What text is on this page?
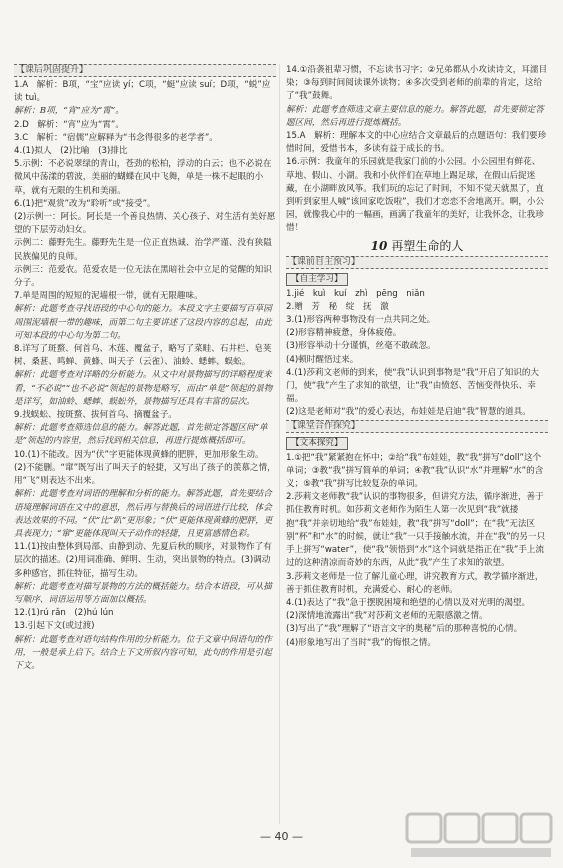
【课后巩固提升】

1.A　解析：B项，“宝”应读 yí；C项，“蜓”应读 suí；D项，“蜕”应读 tuì。

解析：B项，“宵”应为“霄”。

2.D　解析：“宵”应为“霄”。

3.C　解析：“宿儒”应解释为“书念得很多的老学者”。

4.(1)拟人　(2)比喻　(3)排比

5.示例：不必说翠绿的青山，苍劲的松柏，浮动的白云；也不必说在微风中荡漾的碧波，美丽的蝴蝶在风中飞舞，单是一株不起眼的小草，就有无限的生机和美丽。

6.(1)把“观赏”改为“聆听”或“接受”。

(2)示例一：阿长。阿长是一个善良热情、关心孩子、对生活有美好愿望的下层劳动妇女。

示例二：藤野先生。藤野先生是一位正直热诚、治学严谨、没有狭隘民族偏见的良师。

示例三：范爱农。范爱农是一位无法在黑暗社会中立足的觉醒的知识分子。

7.单是周围的短短的泥墙根一带，就有无限趣味。

解析：此题考查寻找语段的中心句的能力。本段文字主要描写百草园周围泥墙根一带的趣味，而第二句主要讲述了这段内容的总起，由此可知本段的中心句为第二句。

8.详写了斑蝥、何首乌、木莲、覆盆子，略写了菜畦、石井栏、皂荚树、桑葚、鸣蝉、黄蜂、叫天子（云雀）、油蛉、蟋蟀、蜈蚣。

解析：此题考查对详略的分析能力。从文中对景物描写的详略程度来看，“不必说”“也不必说”领起的景物是略写，而由“单是”领起的景物是详写，如油蛉、蟋蟀、蜈蚣外，景物描写还具有丰富的层次。

9.找蜈蚣、按斑蝥、拔何首乌、摘覆盆子。

解析：此题考查筛选信息的能力。解答此题，首先锁定答题区间“单是”领起的内容里，然后找到相关信息，再进行提炼概括即可。

10.(1)不能改。因为“伏”字更能体现黄蜂的肥胖，更加形象生动。

(2)不能删。“窜”既写出了叫天子的轻捷，又写出了孩子的羡慕之情，用“飞”则表达不出来。

解析：此题考查对词语的理解和分析的能力。解答此题，首先要结合语境理解词语在文中的意思，然后再与替换后的词语进行比较，体会表达效果的不同。“伏”比“趴”更形象；“伏”更能体现黄蜂的肥胖，更具表现力；“窜”更能体现叫天子动作的轻捷，且更富感情色彩。

11.(1)按由整体到局部、由静到动、先夏后秋的顺序，对景物作了有层次的描述。(2)用词准确、鲜明、生动，突出景物的特点。(3)调动多种感官，抓住特征，描写生动。

解析：此题考查对描写景物的方法的概括能力。结合本语段，可从描写顺序、词语运用等方面加以概括。

12.(1)rú rǎn　(2)hú lún

13.引起下文(或过渡)

解析：此题考查对语句结构作用的分析能力。位于文章中间语句的作用，一般是承上启下。结合上下文所叙内容可知，此句的作用是引起下文。

14.①沿袭祖辈习惯，不忘读书习字；②兄弟都从小攻读诗文，耳濡目染；③每到时间阅读课外读物；④多次受到老师的前辈的肯定，这给了“我”鼓舞。

解析：此题考查筛选文章主要信息的能力。解答此题，首先要锁定答题区间，然后再进行提炼概括。

15.A　解析：理解本文的中心应结合文章最后的点题语句：我们要珍惜时间，爱惜书本，多读有益于成长的书。

16.示例：我童年的乐园就是我家门前的小公园。小公园里有鲜花、草地、假山、小湖。我和小伙伴们在草地上踢足球，在假山后捉迷藏，在小湖畔放风筝。我们玩的忘记了时间，不知不觉天就黑了，直到听到家里人喊“该回家吃饭啦”，我们才恋恋不舍地离开。啊，小公园，就像我心中的一幅画，画满了我童年的美好，让我怀念，让我珍惜！

10 再塑生命的人
【课前自主预习】
【自主学习】

1.jié　kuì　kuí　zhì　pēng　niǎn

2.赠　芳　秘　绽　抚　激

3.(1)形容两种事物没有一点共同之处。

(2)形容精神疲惫，身体疲倦。

(3)形容举动十分谨慎，丝毫不敢疏忽。

(4)顿时醒悟过来。

4.(1)莎莉文老师的到来，使“我”认识到事物是“我”开启了知识的大门，使“我”产生了求知的欲望，让“我”由愤怒、苦恼变得快乐、幸福。

(2)这是老师对“我”的爱心表达，布娃娃是启迪“我”智慧的道具。

【课堂合作探究】
【文本探究】

1.①把“我”紧紧抱在怀中；②给“我”布娃娃，教“我”拼写“doll”这个单词；③教“我”拼写简单的单词；④教“我”认识“水”并理解“水”的含义；⑤教“我”拼写比较复杂的单词。

2.莎莉文老师教“我”认识的事物很多，但讲究方法，循序渐进，善于抓住教育时机。如莎莉文老师作为陌生人第一次见到“我”就搂抱“我”并亲切地给“我”布娃娃，教“我”拼写“doll”；在“我”无法区别“杯”和“水”的时候，就让“我”一只手接触水流，并在“我”的另一只手上拼写“water”，使“我”领悟到“水”这个词就是指正在“我”手上流过的这种清凉而奇妙的东西，从此“我”产生了求知的欲望。

3.莎莉文老师是一位了解儿童心理，讲究教育方式，教学循序渐进，善于抓住教育时机，充满爱心、耐心的老师。

4.(1)表达了“我”急于摆脱困境和绝望的心情以及对光明的渴望。

(2)深情地流露出“我”对莎莉文老师的无限感激之情。

(3)写出了“我”理解了“语言文字的奥秘”后的那种喜悦的心情。

(4)形象地写出了当时“我”的悔恨之情。

— 40 —
